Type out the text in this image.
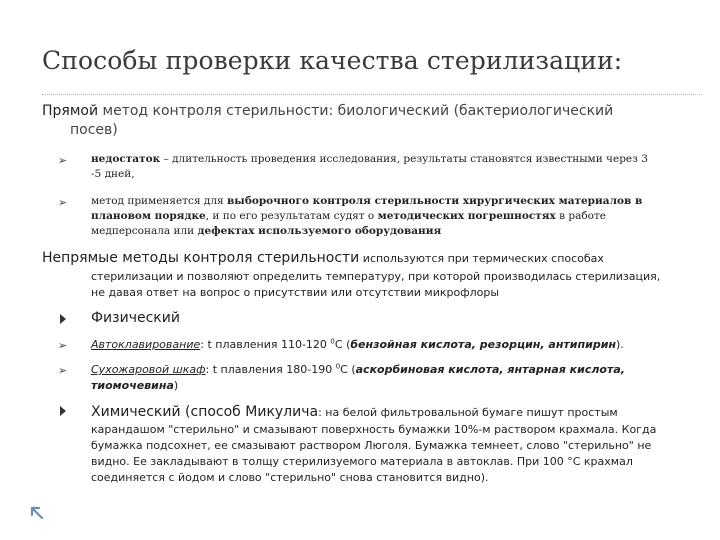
Способы проверки качества стерилизации:
Прямой метод контроля стерильности: биологический (бактериологический
посев)
➢ недостаток – длительность проведения исследования, результаты становятся известными через 3
-5 дней,
➢ метод применяется для выборочного контроля стерильности хирургических материалов в
плановом порядке, и по его результатам судят о методических погрешностях в работе
медперсонала или дефектах используемого оборудования
Непрямые методы контроля стерильности используются при термических способах
стерилизации и позволяют определить температуру, при которой производилась стерилизация,
не давая ответ на вопрос о присутствии или отсутствии микрофлоры
Физический
➢ Автоклавирование: t плавления 110-120 $^0$С (бензойная кислота, резорцин, антипирин).
➢ Сухожаровой шкаф: t плавления 180-190 $^0$С (аскорбиновая кислота, янтарная кислота,
тиомочевина)
Химический (способ Микулича: на белой фильтровальной бумаге пишут простым
карандашом "стерильно" и смазывают поверхность бумажки 10%-м раствором крахмала. Когда
бумажка подсохнет, ее смазывают раствором Люголя. Бумажка темнеет, слово "стерильно" не
видно. Ее закладывают в толщу стерилизуемого материала в автоклав. При 100 °С крахмал
соединяется с йодом и слово "стерильно" снова становится видно).
